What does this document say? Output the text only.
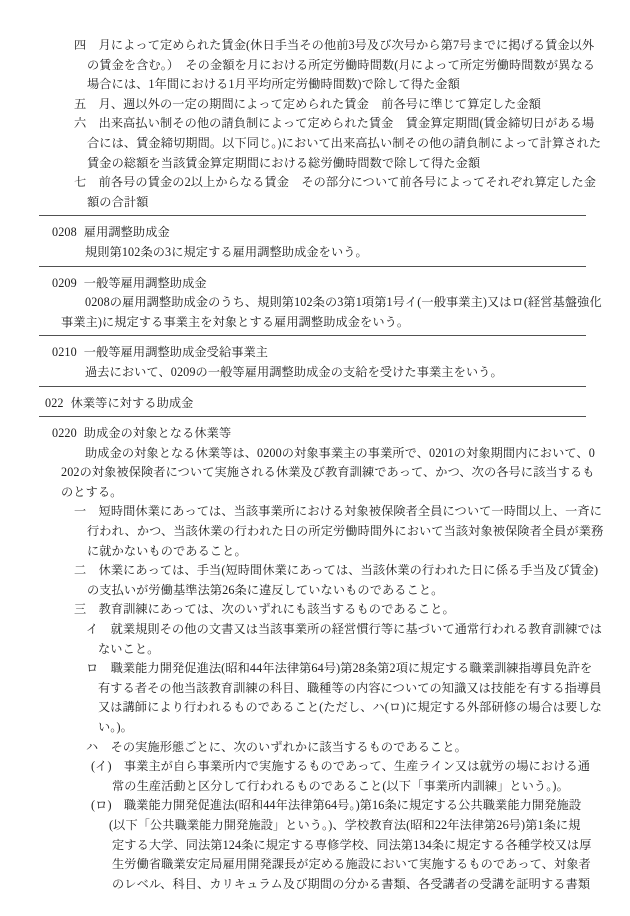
四　月によって定められた賃金(休日手当その他前3号及び次号から第7号までに掲げる賃金以外
の賃金を含む。）　その金額を月における所定労働時間数(月によって所定労働時間数が異なる
場合には、1年間における1月平均所定労働時間数)で除して得た金額
五　月、週以外の一定の期間によって定められた賃金　前各号に準じて算定した金額
六　出来高払い制その他の請負制によって定められた賃金　賃金算定期間(賃金締切日がある場
合には、賃金締切期間。以下同じ。)において出来高払い制その他の請負制によって計算された
賃金の総額を当該賃金算定期間における総労働時間数で除して得た金額
七　前各号の賃金の2以上からなる賃金　その部分について前各号によってそれぞれ算定した金
額の合計額
0208 雇用調整助成金
規則第102条の3に規定する雇用調整助成金をいう。
0209 一般等雇用調整助成金
0208の雇用調整助成金のうち、規則第102条の3第1項第1号イ(一般事業主)又はロ(経営基盤強化
事業主)に規定する事業主を対象とする雇用調整助成金をいう。
0210 一般等雇用調整助成金受給事業主
過去において、0209の一般等雇用調整助成金の支給を受けた事業主をいう。
022 休業等に対する助成金
0220 助成金の対象となる休業等
助成金の対象となる休業等は、0200の対象事業主の事業所で、0201の対象期間内において、0
202の対象被保険者について実施される休業及び教育訓練であって、かつ、次の各号に該当するも
のとする。
一　短時間休業にあっては、当該事業所における対象被保険者全員について一時間以上、一斉に
行われ、かつ、当該休業の行われた日の所定労働時間外において当該対象被保険者全員が業務
に就かないものであること。
二　休業にあっては、手当(短時間休業にあっては、当該休業の行われた日に係る手当及び賃金)
の支払いが労働基準法第26条に違反していないものであること。
三　教育訓練にあっては、次のいずれにも該当するものであること。
イ　就業規則その他の文書又は当該事業所の経営慣行等に基づいて通常行われる教育訓練では
ないこと。
ロ　職業能力開発促進法(昭和44年法律第64号)第28条第2項に規定する職業訓練指導員免許を
有する者その他当該教育訓練の科目、職種等の内容についての知識又は技能を有する指導員
又は講師により行われるものであること(ただし、ハ(ロ)に規定する外部研修の場合は要しな
い。)。
ハ　その実施形態ごとに、次のいずれかに該当するものであること。
(イ)　事業主が自ら事業所内で実施するものであって、生産ライン又は就労の場における通
常の生産活動と区分して行われるものであること(以下「事業所内訓練」という。)。
(ロ)　職業能力開発促進法(昭和44年法律第64号。)第16条に規定する公共職業能力開発施設
(以下「公共職業能力開発施設」という。)、学校教育法(昭和22年法律第26号)第1条に規
定する大学、同法第124条に規定する専修学校、同法第134条に規定する各種学校又は厚
生労働省職業安定局雇用開発課長が定める施設において実施するものであって、対象者
のレベル、科目、カリキュラム及び期間の分かる書類、各受講者の受講を証明する書類
